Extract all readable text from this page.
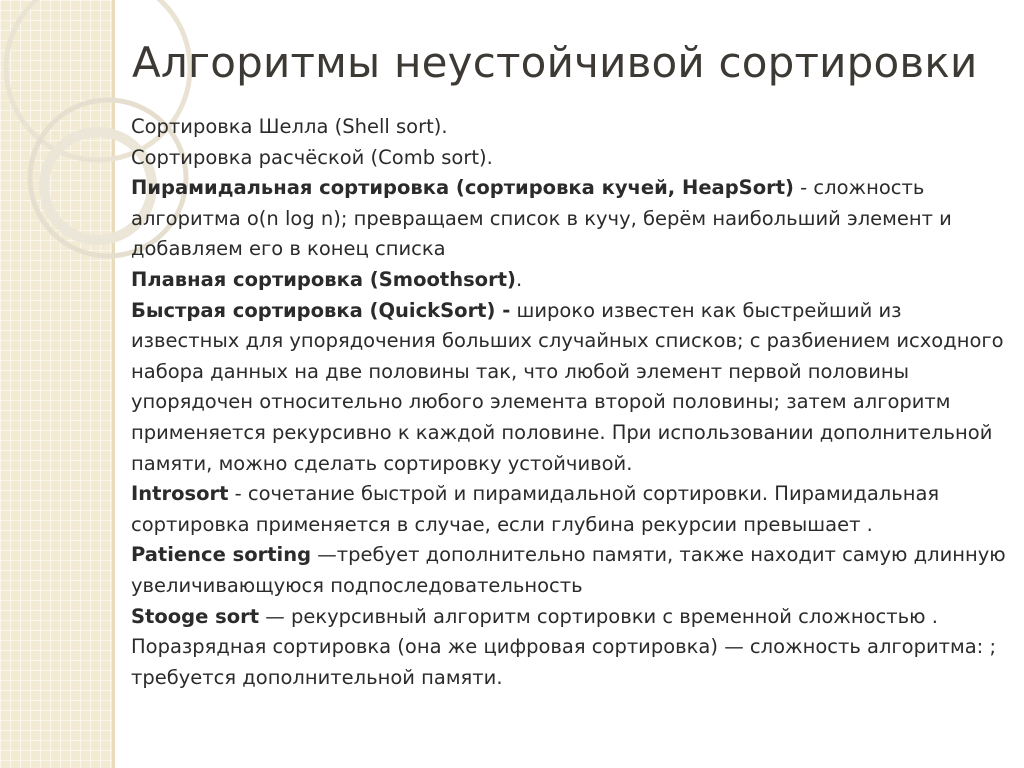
Алгоритмы неустойчивой сортировки

Сортировка Шелла (Shell sort).

Сортировка расчёской (Comb sort).

Пирамидальная сортировка (сортировка кучей, HeapSort) - сложность алгоритма o(n log n); превращаем список в кучу, берём наибольший элемент и добавляем его в конец списка

Плавная сортировка (Smoothsort).

Быстрая сортировка (QuickSort) - широко известен как быстрейший из известных для упорядочения больших случайных списков; с разбиением исходного набора данных на две половины так, что любой элемент первой половины упорядочен относительно любого элемента второй половины; затем алгоритм применяется рекурсивно к каждой половине. При использовании дополнительной памяти, можно сделать сортировку устойчивой.

Introsort - сочетание быстрой и пирамидальной сортировки. Пирамидальная сортировка применяется в случае, если глубина рекурсии превышает .

Patience sorting —требует дополнительно памяти, также находит самую длинную увеличивающуюся подпоследовательность

Stooge sort — рекурсивный алгоритм сортировки с временной сложностью .

Поразрядная сортировка (она же цифровая сортировка) — сложность алгоритма: ; требуется дополнительной памяти.
